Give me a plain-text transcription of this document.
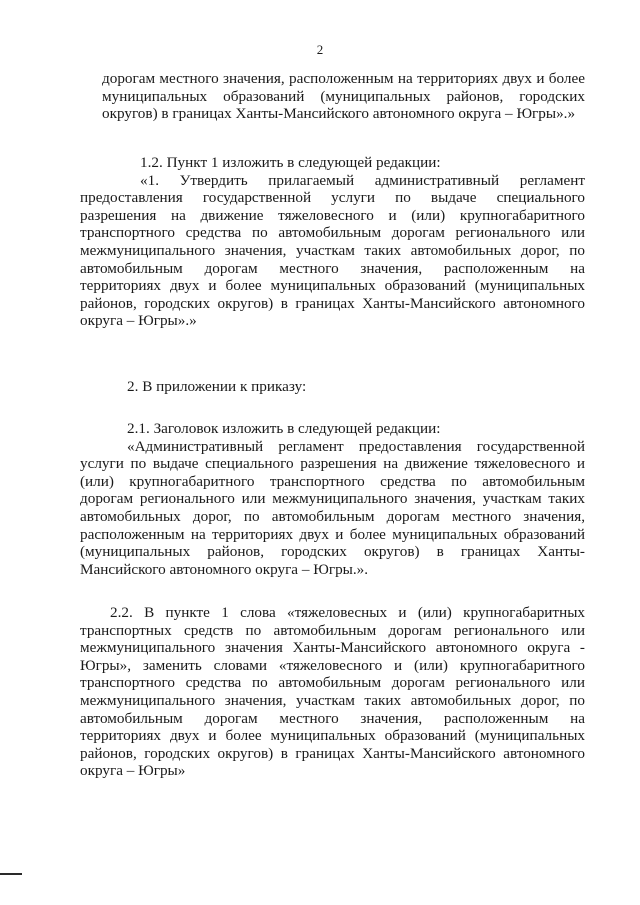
2
дорогам местного значения, расположенным на территориях двух и более
муниципальных образований (муниципальных районов, городских
округов) в границах Ханты-Мансийского автономного округа – Югры».»
1.2. Пункт 1 изложить в следующей редакции:
«1. Утвердить прилагаемый административный регламент
предоставления государственной услуги по выдаче специального
разрешения на движение тяжеловесного и (или) крупногабаритного
транспортного средства по автомобильным дорогам регионального или
межмуниципального значения, участкам таких автомобильных дорог, по
автомобильным дорогам местного значения, расположенным на
территориях двух и более муниципальных образований (муниципальных
районов, городских округов) в границах Ханты-Мансийского автономного
округа – Югры».»
2. В приложении к приказу:
2.1. Заголовок изложить в следующей редакции:
«Административный регламент предоставления государственной
услуги по выдаче специального разрешения на движение тяжеловесного и
(или) крупногабаритного транспортного средства по автомобильным
дорогам регионального или межмуниципального значения, участкам таких
автомобильных дорог, по автомобильным дорогам местного значения,
расположенным на территориях двух и более муниципальных образований
(муниципальных районов, городских округов) в границах Ханты-
Мансийского автономного округа – Югры.».
2.2. В пункте 1 слова «тяжеловесных и (или) крупногабаритных
транспортных средств по автомобильным дорогам регионального или
межмуниципального значения Ханты-Мансийского автономного округа -
Югры», заменить словами «тяжеловесного и (или) крупногабаритного
транспортного средства по автомобильным дорогам регионального или
межмуниципального значения, участкам таких автомобильных дорог, по
автомобильным дорогам местного значения, расположенным на
территориях двух и более муниципальных образований (муниципальных
районов, городских округов) в границах Ханты-Мансийского автономного
округа – Югры»
